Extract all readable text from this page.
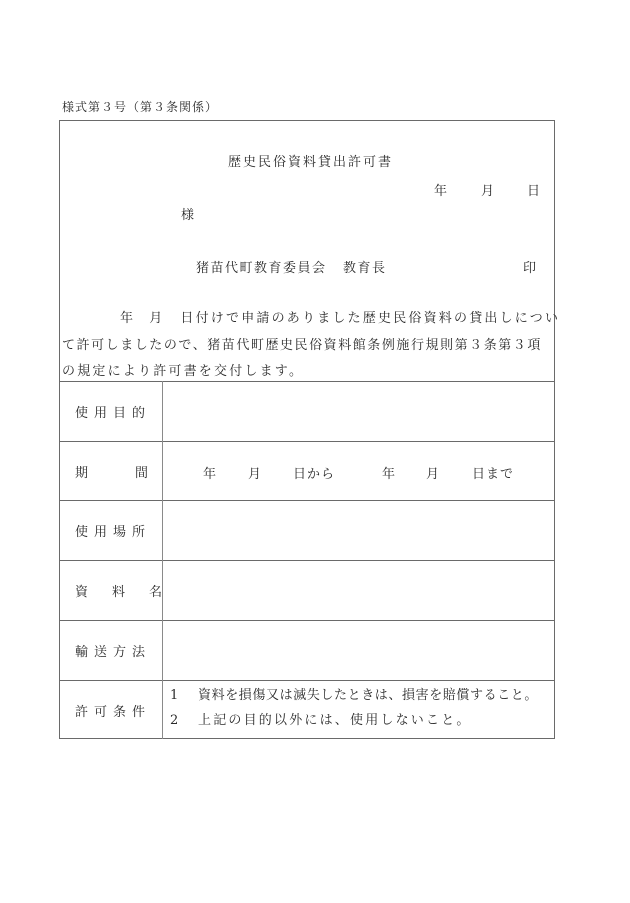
様式第３号（第３条関係）
歴史民俗資料貸出許可書
年	月	日
様
猪苗代町教育委員会 教育長	印
年 月 日付けで申請のありました歴史民俗資料の貸出しについ
て許可しましたので、猪苗代町歴史民俗資料館条例施行規則第３条第３項
の規定により許可書を交付します。
使用目的
期	間	年 月 日から	年 月	日まで
使用場所
資料名
輸送方法
許可条件
1 資料を損傷又は滅失したときは、損害を賠償すること。
2 上記の目的以外には、使用しないこと。
